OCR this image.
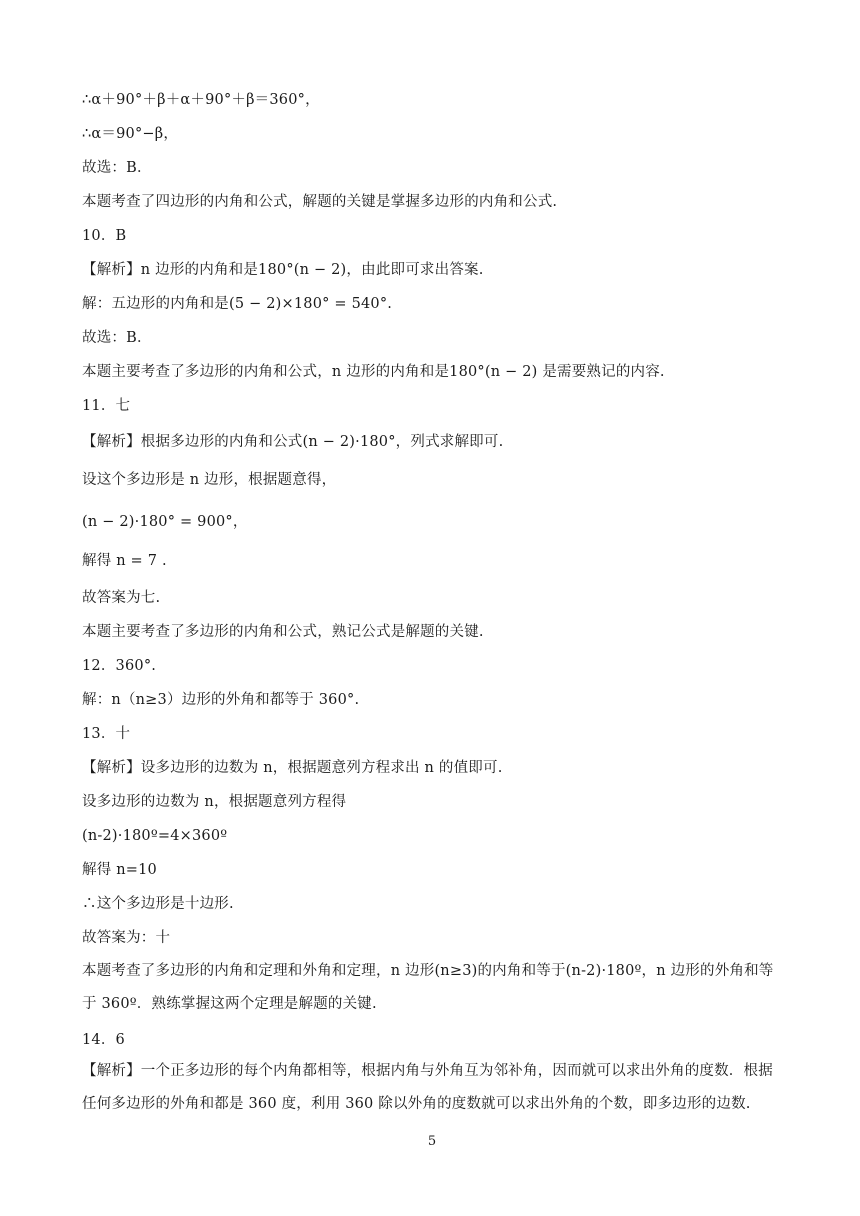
∴α＋90°＋β＋α＋90°＋β＝360°，
∴α＝90°−β，
故选：B．
本题考查了四边形的内角和公式，解题的关键是掌握多边形的内角和公式.
10．B
【解析】n 边形的内角和是180°(n − 2)，由此即可求出答案.
解：五边形的内角和是(5 − 2)×180° = 540°.
故选：B．
本题主要考查了多边形的内角和公式，n 边形的内角和是180°(n − 2) 是需要熟记的内容.
11．七
【解析】根据多边形的内角和公式(n − 2)·180°，列式求解即可.
设这个多边形是 n 边形，根据题意得，
(n − 2)·180° = 900°，
解得 n = 7 .
故答案为七.
本题主要考查了多边形的内角和公式，熟记公式是解题的关键.
12．360°.
解：n（n≥3）边形的外角和都等于 360°.
13．十
【解析】设多边形的边数为 n，根据题意列方程求出 n 的值即可.
设多边形的边数为 n，根据题意列方程得
(n-2)·180º=4×360º
解得 n=10
∴这个多边形是十边形.
故答案为：十
本题考查了多边形的内角和定理和外角和定理，n 边形(n≥3)的内角和等于(n-2)·180º，n 边形的外角和等于 360º．熟练掌握这两个定理是解题的关键.
14．6
【解析】一个正多边形的每个内角都相等，根据内角与外角互为邻补角，因而就可以求出外角的度数．根据任何多边形的外角和都是 360 度，利用 360 除以外角的度数就可以求出外角的个数，即多边形的边数.
5
